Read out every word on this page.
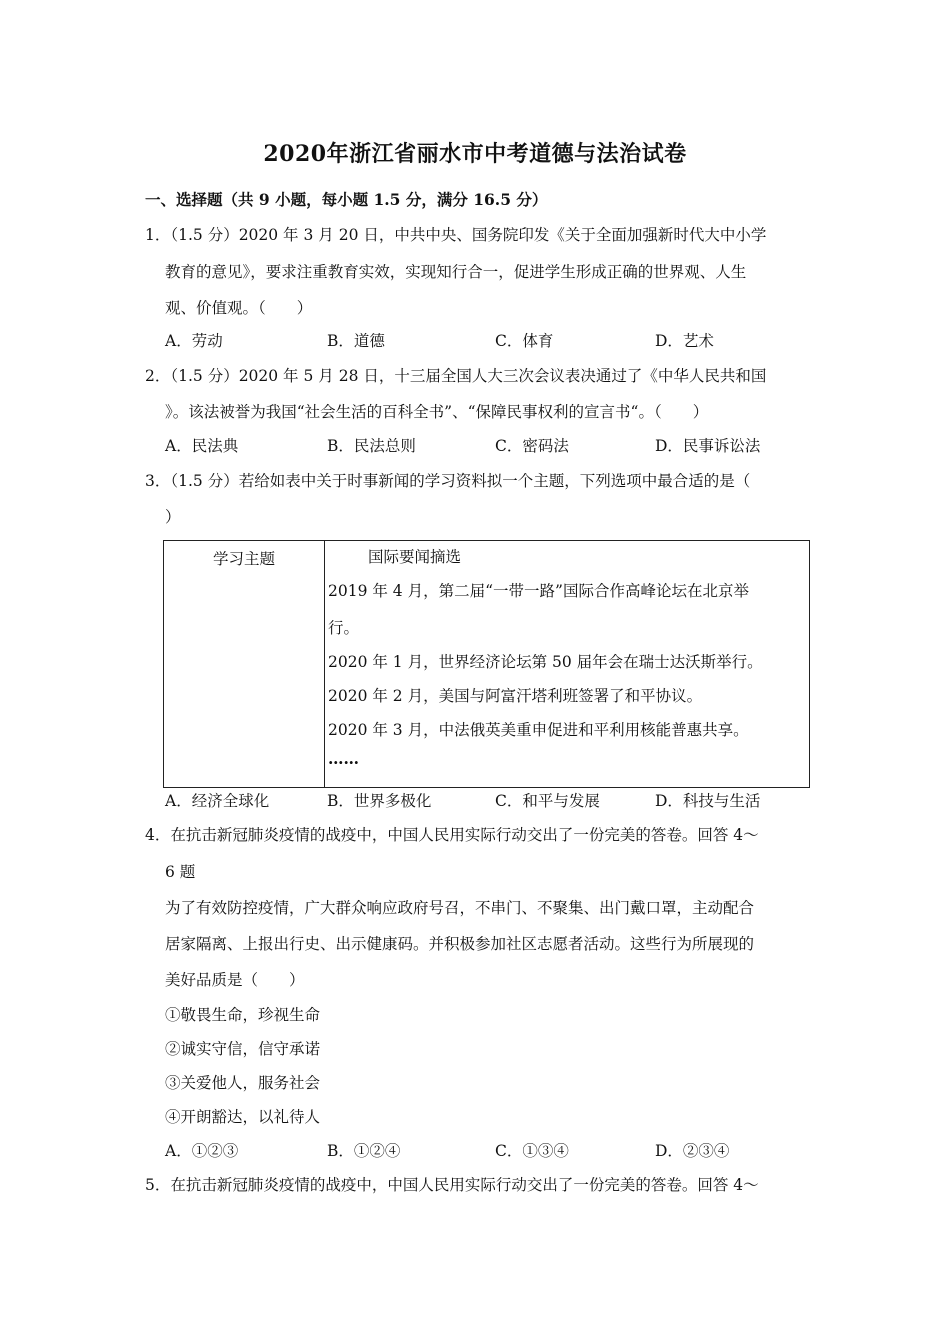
2020年浙江省丽水市中考道德与法治试卷
一、选择题（共 9 小题，每小题 1.5 分，满分 16.5 分）
1．（1.5 分）2020 年 3 月 20 日，中共中央、国务院印发《关于全面加强新时代大中小学
教育的意见》，要求注重教育实效，实现知行合一，促进学生形成正确的世界观、人生
观、价值观。（　　）
A．劳动	B．道德	C．体育	D．艺术
2．（1.5 分）2020 年 5 月 28 日，十三届全国人大三次会议表决通过了《中华人民共和国
》。该法被誉为我国“社会生活的百科全书”、“保障民事权利的宣言书“。（　　）
A．民法典	B．民法总则	C．密码法	D．民事诉讼法
3．（1.5 分）若给如表中关于时事新闻的学习资料拟一个主题，下列选项中最合适的是（
）
学习主题	国际要闻摘选
2019 年 4 月，第二届“一带一路”国际合作高峰论坛在北京举
行。
2020 年 1 月，世界经济论坛第 50 届年会在瑞士达沃斯举行。
2020 年 2 月，美国与阿富汗塔利班签署了和平协议。
2020 年 3 月，中法俄英美重申促进和平利用核能普惠共享。
……
A．经济全球化	B．世界多极化	C．和平与发展	D．科技与生活
4．在抗击新冠肺炎疫情的战疫中，中国人民用实际行动交出了一份完美的答卷。回答 4～
6 题
为了有效防控疫情，广大群众响应政府号召，不串门、不聚集、出门戴口罩，主动配合
居家隔离、上报出行史、出示健康码。并积极参加社区志愿者活动。这些行为所展现的
美好品质是（　　）
①敬畏生命，珍视生命
②诚实守信，信守承诺
③关爱他人，服务社会
④开朗豁达，以礼待人
A．①②③	B．①②④	C．①③④	D．②③④
5．在抗击新冠肺炎疫情的战疫中，中国人民用实际行动交出了一份完美的答卷。回答 4～
